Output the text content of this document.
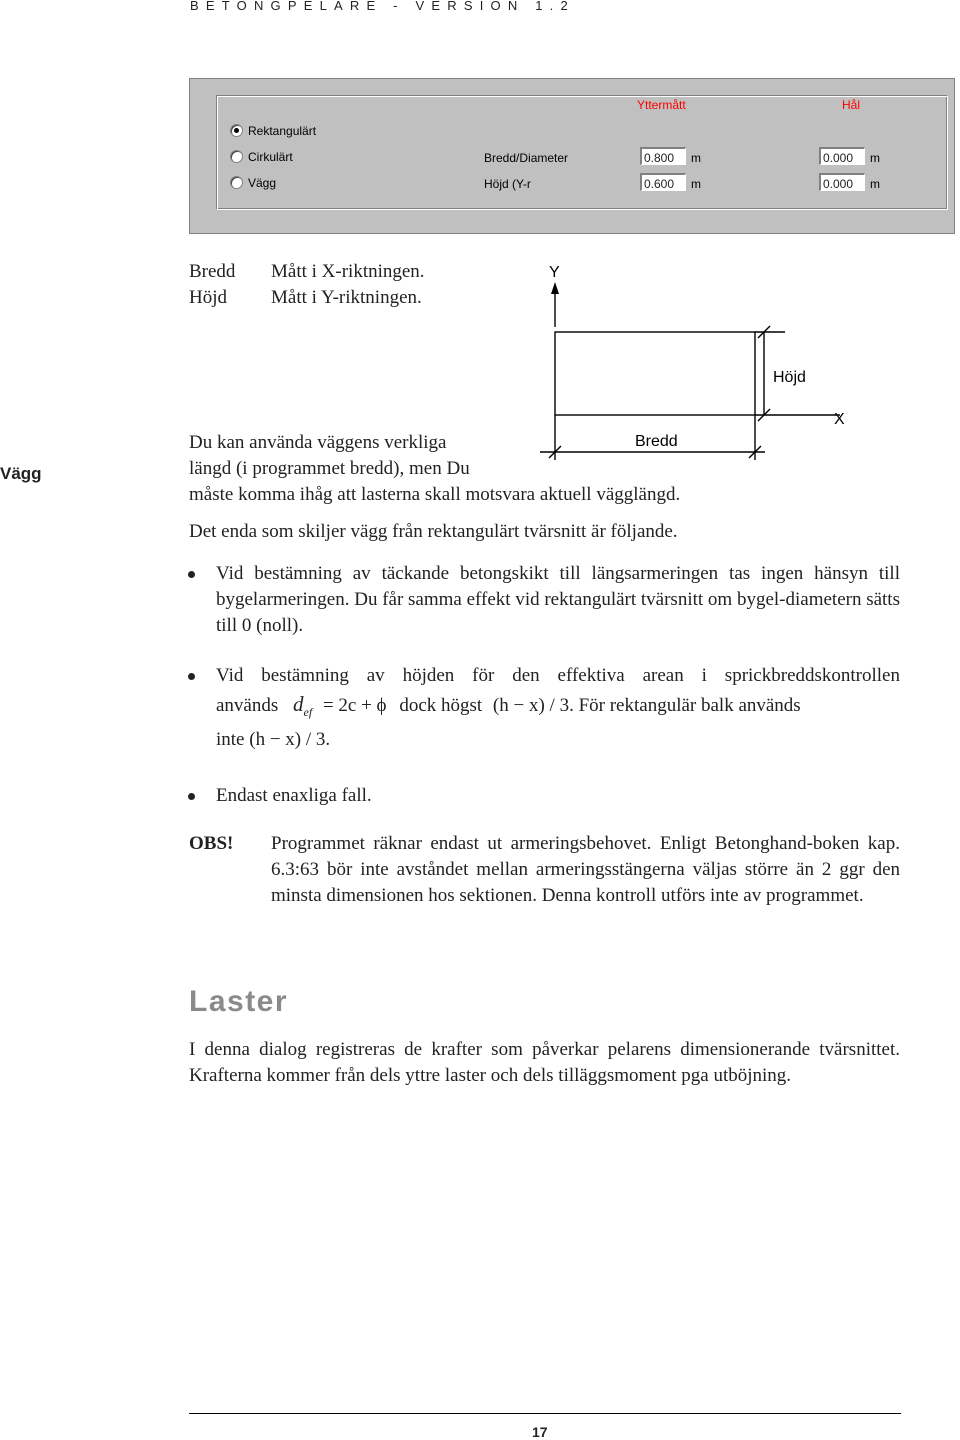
BETONGPELARE - VERSION 1.2
Rektangulärt
Cirkulärt
Vägg
Yttermått	Hål
Bredd/Diameter	0.800	m	0.000	m
Höjd (Y-r	0.600	m	0.000	m
Bredd Mått i X-riktningen.
Höjd Mått i Y-riktningen.
Y
X
Höjd
Bredd
Vägg
Du kan använda väggens verkliga
längd (i programmet bredd), men Du
måste komma ihåg att lasterna skall motsvara aktuell vägglängd.
Det enda som skiljer vägg från rektangulärt tvärsnitt är följande.
Vid bestämning av täckande betongskikt till längsarmeringen tas ingen hänsyn till bygelarmeringen. Du får samma effekt vid rektangulärt tvärsnitt om bygel-diametern sätts till 0 (noll).
Vid bestämning av höjden för den effektiva arean i sprickbreddskontrollen
används $d_{ef} = 2c + \phi$ dock högst (h − x) / 3. För rektangulär balk används
inte (h − x) / 3.
Endast enaxliga fall.
OBS! Programmet räknar endast ut armeringsbehovet. Enligt Betonghand-boken kap. 6.3:63 bör inte avståndet mellan armeringsstängerna väljas större än 2 ggr den minsta dimensionen hos sektionen. Denna kontroll utförs inte av programmet.
Laster
I denna dialog registreras de krafter som påverkar pelarens dimensionerande tvärsnittet. Krafterna kommer från dels yttre laster och dels tilläggsmoment pga utböjning.
17
